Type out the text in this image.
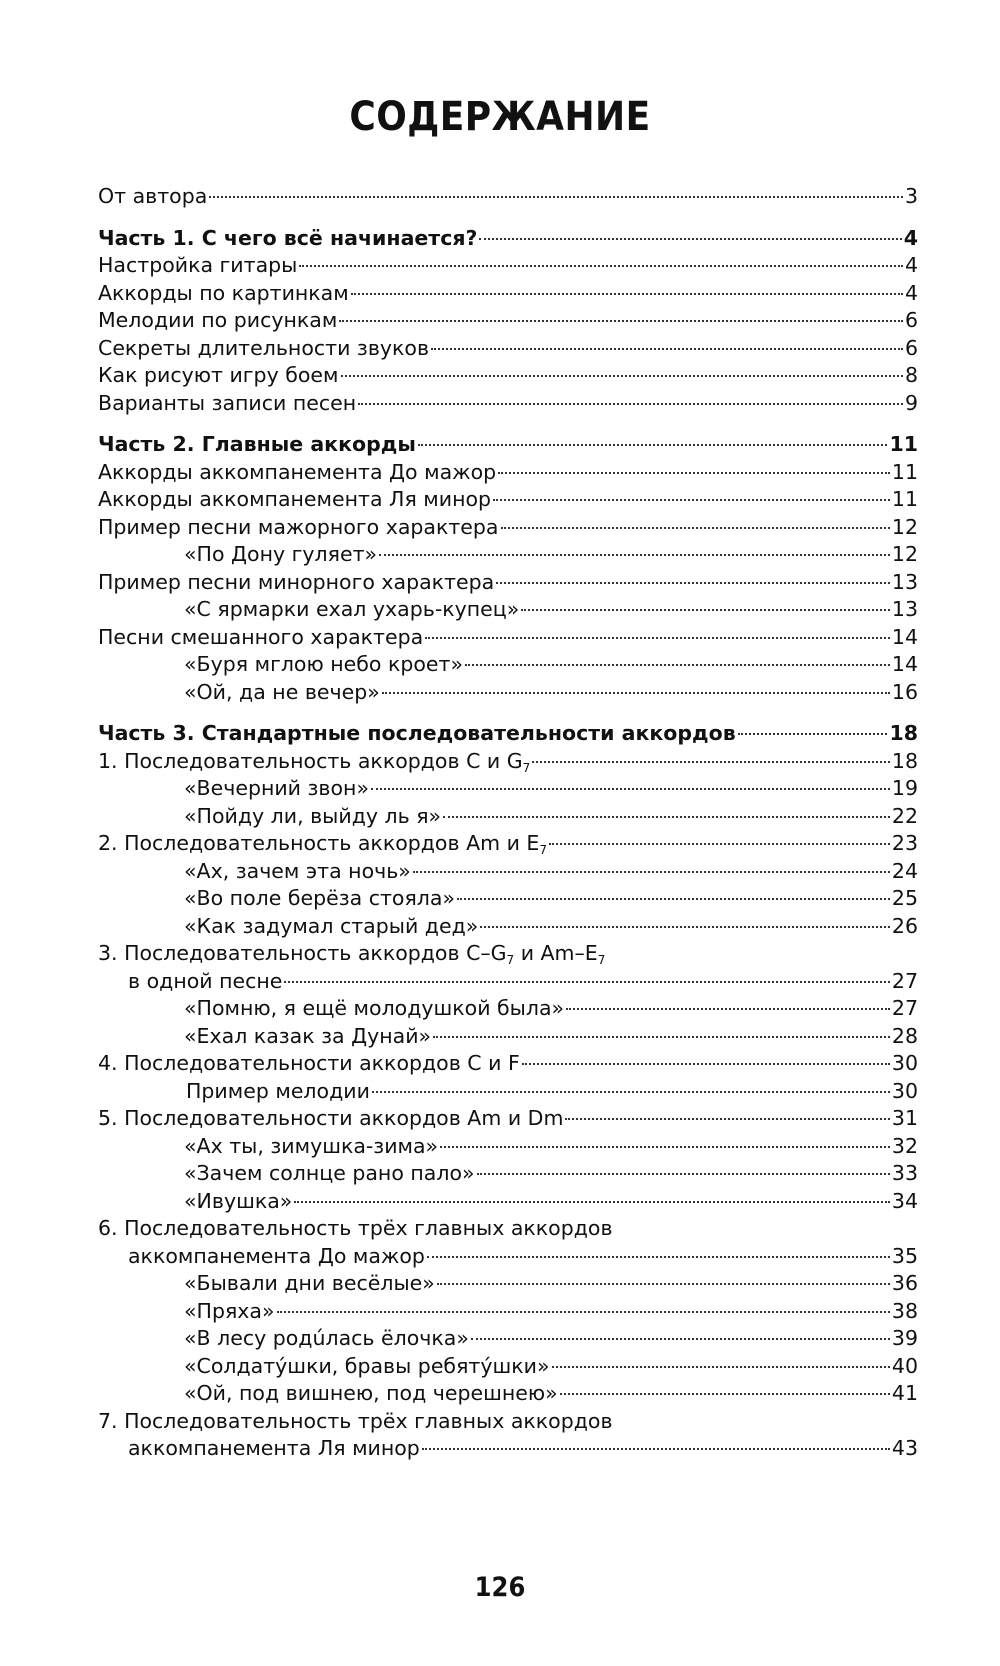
СОДЕРЖАНИЕ
От автора	3
Часть 1. С чего всё начинается?	4
Настройка гитары	4
Аккорды по картинкам	4
Мелодии по рисункам	6
Секреты длительности звуков	6
Как рисуют игру боем	8
Варианты записи песен	9
Часть 2. Главные аккорды	11
Аккорды аккомпанемента До мажор	11
Аккорды аккомпанемента Ля минор	11
Пример песни мажорного характера	12
«По Дону гуляет»	12
Пример песни минорного характера	13
«С ярмарки ехал ухарь-купец»	13
Песни смешанного характера	14
«Буря мглою небо кроет»	14
«Ой, да не вечер»	16
Часть 3. Стандартные последовательности аккордов	18
1. Последовательность аккордов C и $G_7$	18
«Вечерний звон»	19
«Пойду ли, выйду ль я»	22
2. Последовательность аккордов Am и $E_7$	23
«Ах, зачем эта ночь»	24
«Во поле берёза стояла»	25
«Как задумал старый дед»	26
3. Последовательность аккордов $C-G_7$ и $Am-E_7$
в одной песне	27
«Помню, я ещё молодушкой была»	27
«Ехал казак за Дунай»	28
4. Последовательности аккордов C и F	30
Пример мелодии	30
5. Последовательности аккордов Am и Dm	31
«Ах ты, зимушка-зима»	32
«Зачем солнце рано пало»	33
«Ивушка»	34
6. Последовательность трёх главных аккордов
аккомпанемента До мажор	35
«Бывали дни весёлые»	36
«Пряха»	38
«В лесу родúлась ёлочка»	39
«Солдатýшки, бравы ребятýшки»	40
«Ой, под вишнею, под черешнею»	41
7. Последовательность трёх главных аккордов
аккомпанемента Ля минор	43
126
